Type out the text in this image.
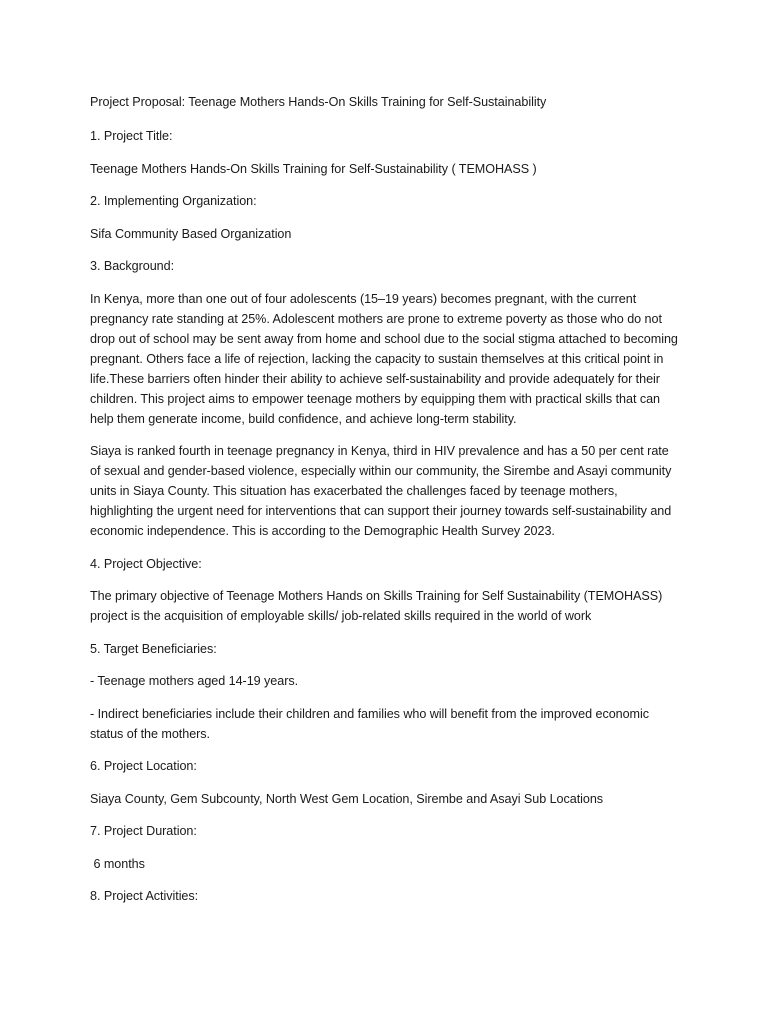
Project Proposal: Teenage Mothers Hands-On Skills Training for Self-Sustainability

1. Project Title:

Teenage Mothers Hands-On Skills Training for Self-Sustainability ( TEMOHASS )

2. Implementing Organization:

Sifa Community Based Organization

3. Background:

In Kenya, more than one out of four adolescents (15–19 years) becomes pregnant, with the current pregnancy rate standing at 25%. Adolescent mothers are prone to extreme poverty as those who do not drop out of school may be sent away from home and school due to the social stigma attached to becoming pregnant. Others face a life of rejection, lacking the capacity to sustain themselves at this critical point in life.These barriers often hinder their ability to achieve self-sustainability and provide adequately for their children. This project aims to empower teenage mothers by equipping them with practical skills that can help them generate income, build confidence, and achieve long-term stability.

Siaya is ranked fourth in teenage pregnancy in Kenya, third in HIV prevalence and has a 50 per cent rate of sexual and gender-based violence, especially within our community, the Sirembe and Asayi community units in Siaya County. This situation has exacerbated the challenges faced by teenage mothers, highlighting the urgent need for interventions that can support their journey towards self-sustainability and economic independence. This is according to the Demographic Health Survey 2023.

4. Project Objective:

The primary objective of Teenage Mothers Hands on Skills Training for Self Sustainability (TEMOHASS) project is the acquisition of employable skills/ job-related skills required in the world of work

5. Target Beneficiaries:

- Teenage mothers aged 14-19 years.

- Indirect beneficiaries include their children and families who will benefit from the improved economic status of the mothers.

6. Project Location:

Siaya County, Gem Subcounty, North West Gem Location, Sirembe and Asayi Sub Locations

7. Project Duration:

6 months

8. Project Activities:
